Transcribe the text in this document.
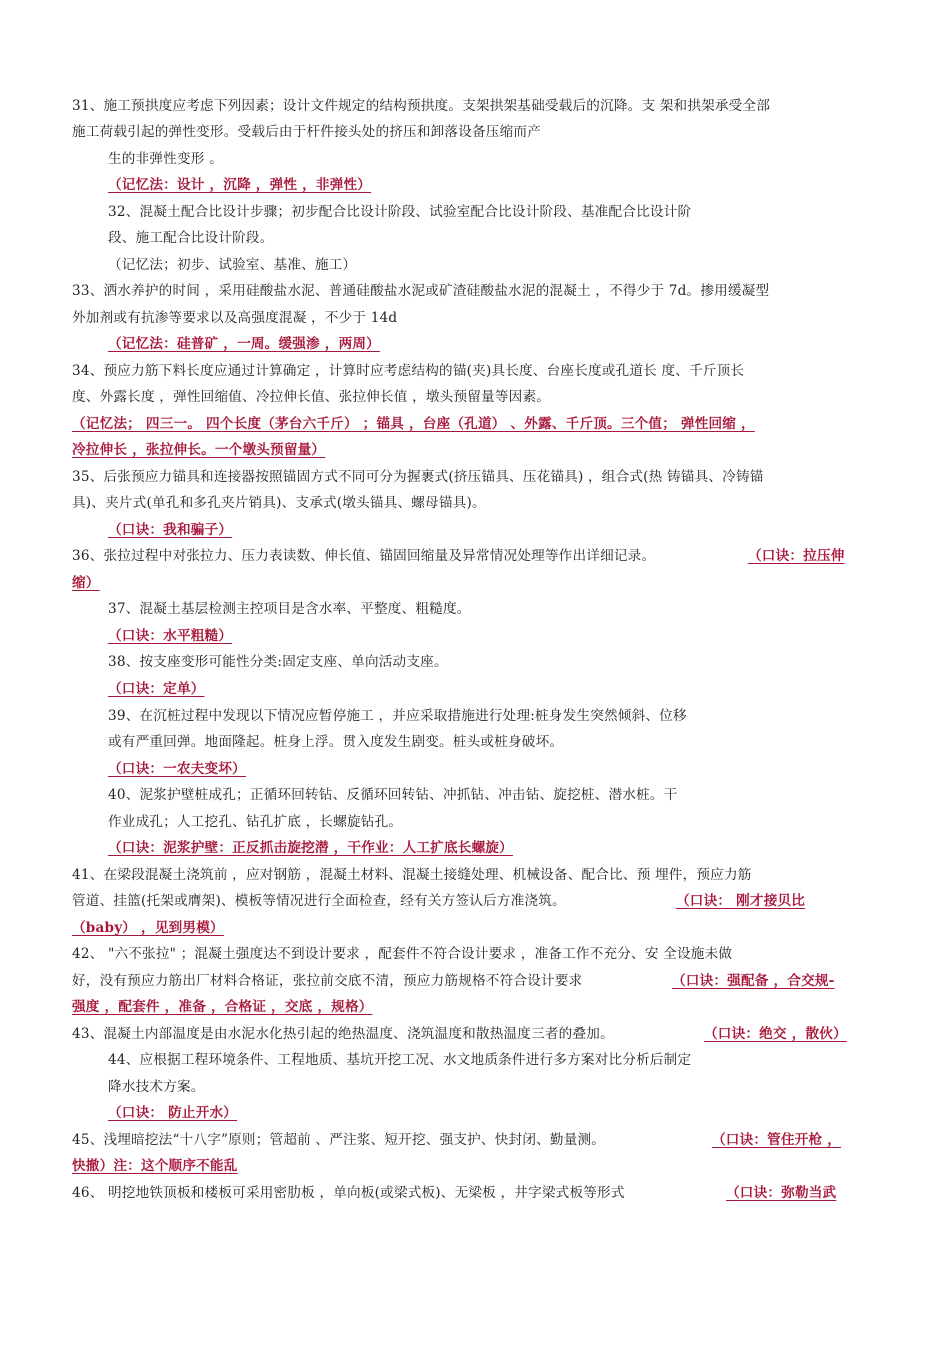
31、施工预拱度应考虑下列因素；设计文件规定的结构预拱度。支架拱架基础受载后的沉降。支 架和拱架承受全部
施工荷载引起的弹性变形。受载后由于杆件接头处的挤压和卸落设备压缩而产
生的非弹性变形 。
（记忆法：设计 ，沉降 ，弹性 ，非弹性）
32、混凝土配合比设计步骤；初步配合比设计阶段、试验室配合比设计阶段、基准配合比设计阶
段、施工配合比设计阶段。
（记忆法；初步、试验室、基准、施工）
33、洒水养护的时间 ，采用硅酸盐水泥、普通硅酸盐水泥或矿渣硅酸盐水泥的混凝土 ，不得少于 7d。掺用缓凝型
外加剂或有抗渗等要求以及高强度混凝 ，不少于 14d
（记忆法：硅普矿 ，一周。缓强渗 ，两周）
34、预应力筋下料长度应通过计算确定 ，计算时应考虑结构的锚(夹)具长度、台座长度或孔道长 度、千斤顶长
度、外露长度 ，弹性回缩值、冷拉伸长值、张拉伸长值 ，墩头预留量等因素。
（记忆法； 四三一。 四个长度（茅台六千斤） ；锚具 ，台座（孔道） 、外露、千斤顶。三个值； 弹性回缩 ，
冷拉伸长 ，张拉伸长。一个墩头预留量）
35、后张预应力锚具和连接器按照锚固方式不同可分为握裹式(挤压锚具、压花锚具) ，组合式(热 铸锚具、冷铸锚
具)、夹片式(单孔和多孔夹片销具)、支承式(墩头锚具、螺母锚具)。
（口诀：我和骗子）
36、张拉过程中对张拉力、压力表读数、伸长值、锚固回缩量及异常情况处理等作出详细记录。	（口诀：拉压伸
缩）
37、混凝土基层检测主控项目是含水率、平整度、粗糙度。
（口诀：水平粗糙）
38、按支座变形可能性分类:固定支座、单向活动支座。
（口诀：定单）
39、在沉桩过程中发现以下情况应暂停施工 ，并应采取措施进行处理:桩身发生突然倾斜、位移
或有严重回弹。地面隆起。桩身上浮。贯入度发生剧变。桩头或桩身破坏。
（口诀：一农夫变坏）
40、泥浆护壁桩成孔；正循环回转钻、反循环回转钻、冲抓钻、冲击钻、旋挖桩、潜水桩。干
作业成孔；人工挖孔、钻孔扩底 ，长螺旋钻孔。
（口诀：泥浆护壁：正反抓击旋挖潜 ，干作业：人工扩底长螺旋）
41、在梁段混凝土浇筑前 ，应对钢筋 ，混凝土材料、混凝土接缝处理、机械设备、配合比、预 埋件，预应力筋
管道、挂篮(托架或膺架)、模板等情况进行全面检查，经有关方签认后方准浇筑。	（口诀： 刚才接贝比
（baby） ，见到男模）
42、 "六不张拉" ；混凝土强度达不到设计要求 ，配套件不符合设计要求 ，准备工作不充分、安 全设施未做
好，没有预应力筋出厂材料合格证，张拉前交底不清，预应力筋规格不符合设计要求	（口诀：强配备 ，合交规-
强度 ，配套件 ，准备 ，合格证 ，交底 ，规格）
43、混凝土内部温度是由水泥水化热引起的绝热温度、浇筑温度和散热温度三者的叠加。	（口诀：绝交 ，散伙）
44、应根据工程环境条件、工程地质、基坑开挖工况、水文地质条件进行多方案对比分析后制定
降水技术方案。
（口诀： 防止开水）
45、浅埋暗挖法“十八字”原则；管超前 、严注浆、短开挖、强支护、快封闭、勤量测。	（口诀：管住开枪 ，
快撤）注：这个顺序不能乱
46、 明挖地铁顶板和楼板可采用密肋板 ，单向板(或梁式板)、无梁板 ，井字梁式板等形式	（口诀：弥勒当武
